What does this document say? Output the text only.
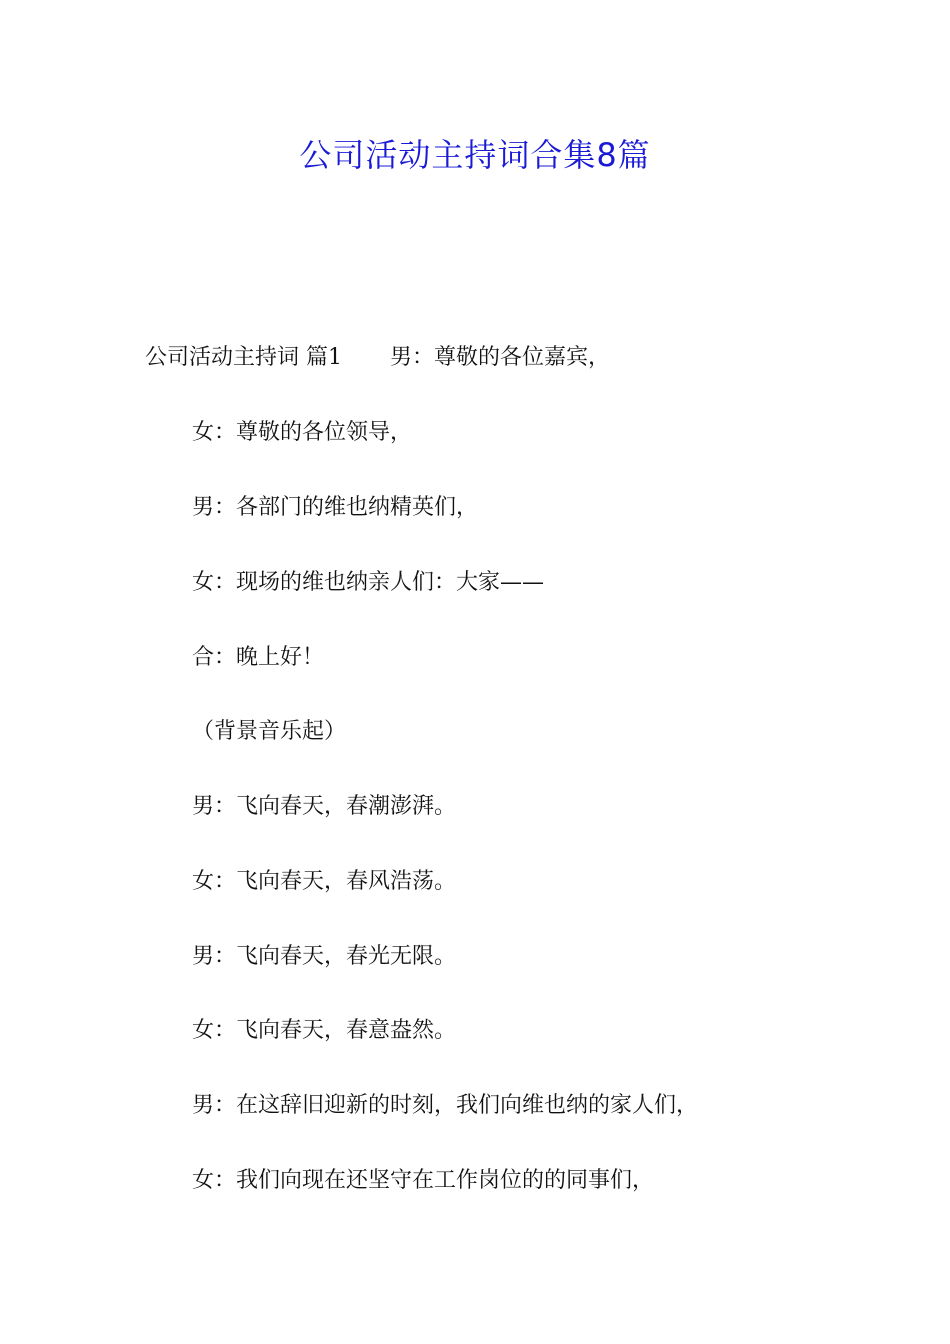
公司活动主持词合集8篇

公司活动主持词 篇1 男：尊敬的各位嘉宾，

女：尊敬的各位领导，

男：各部门的维也纳精英们，

女：现场的维也纳亲人们：大家——

合：晚上好！

（背景音乐起）

男：飞向春天，春潮澎湃。

女：飞向春天，春风浩荡。

男：飞向春天，春光无限。

女：飞向春天，春意盎然。

男：在这辞旧迎新的时刻，我们向维也纳的家人们，

女：我们向现在还坚守在工作岗位的的同事们，
